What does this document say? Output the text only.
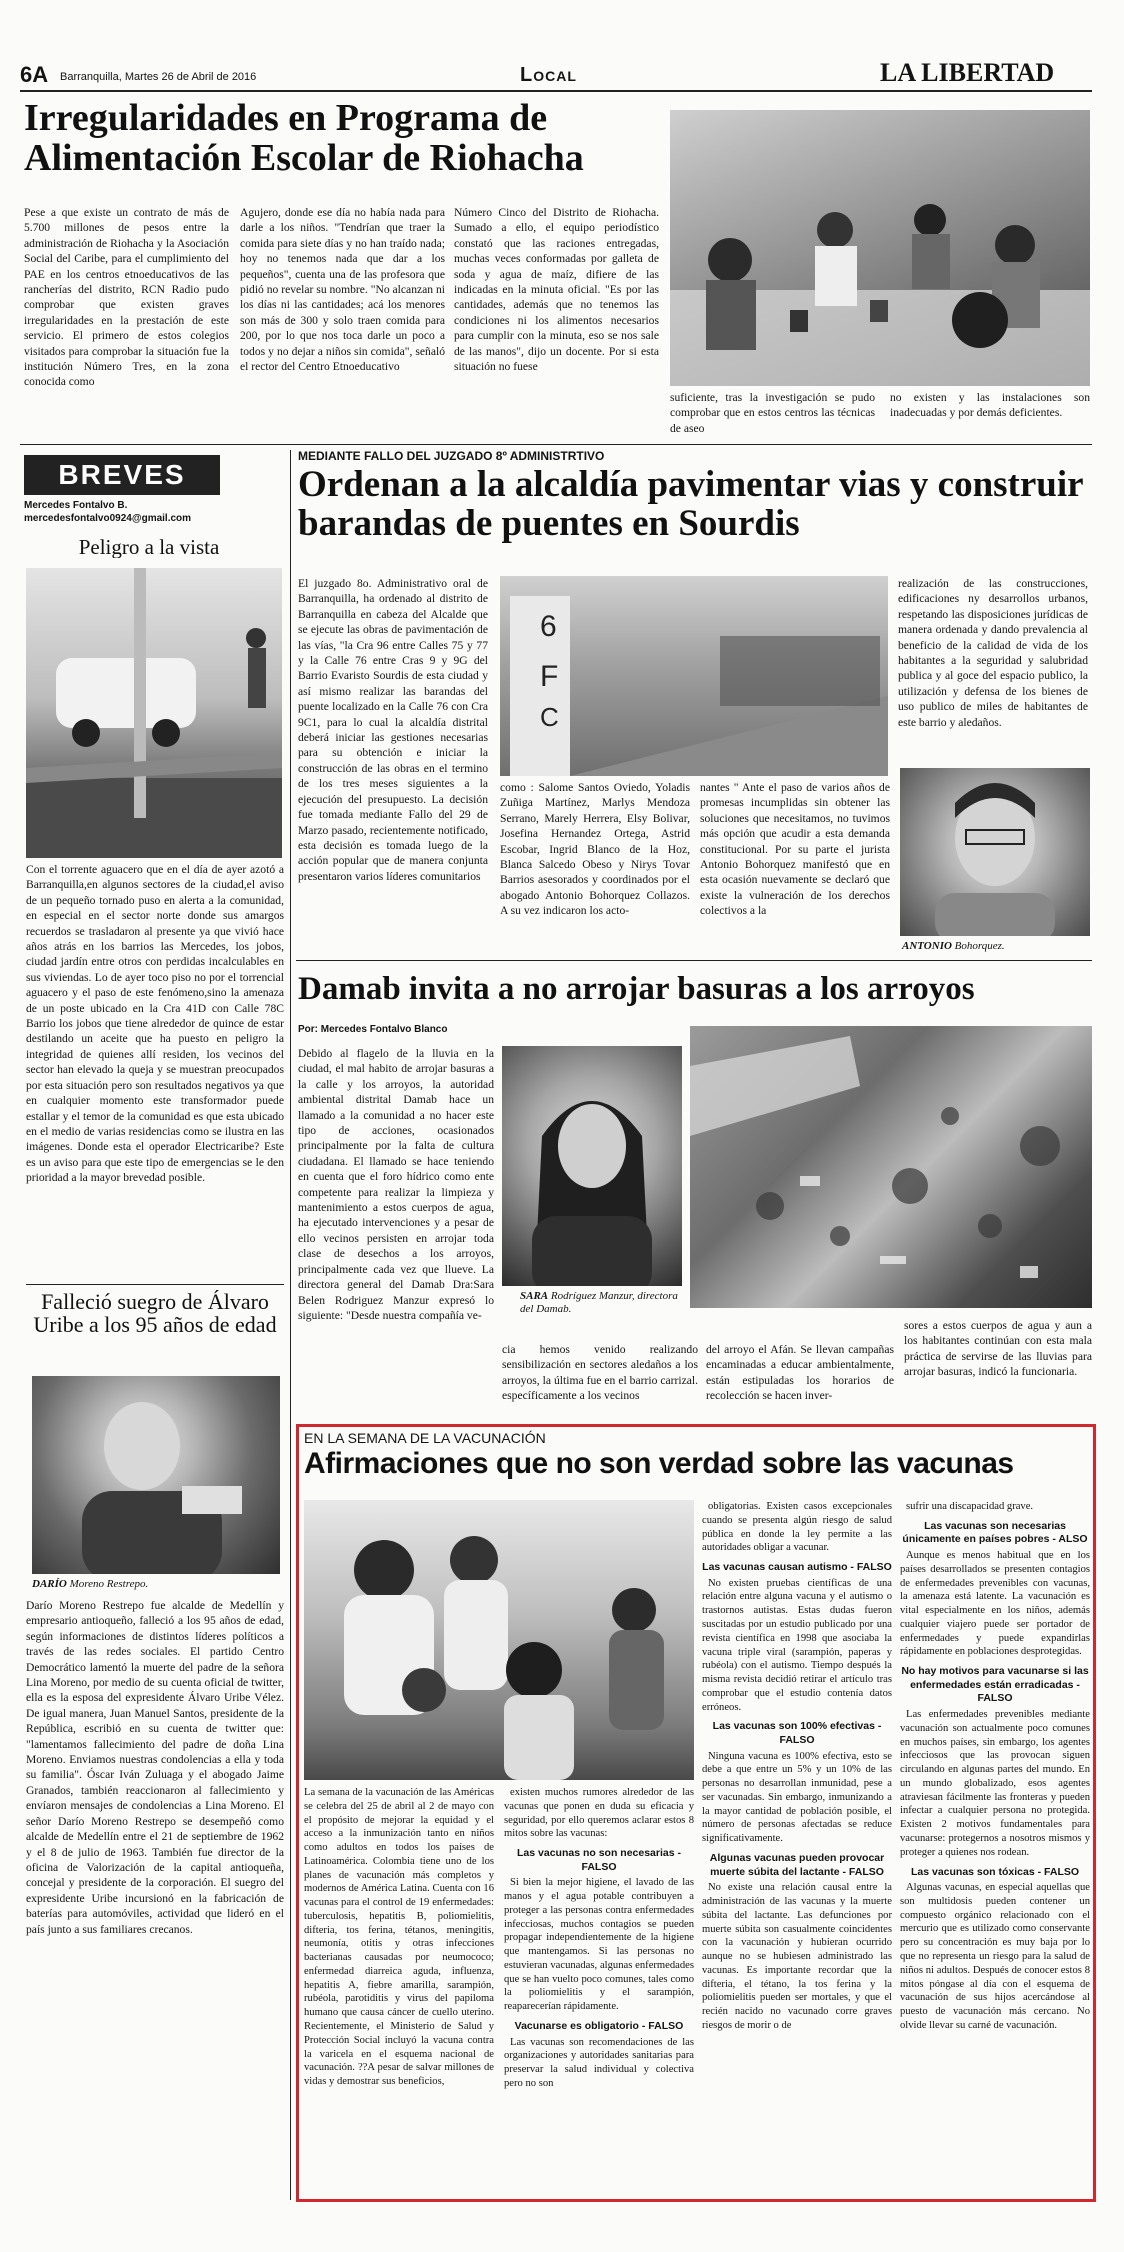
6A Barranquilla, Martes 26 de Abril de 2016	Local	LA LIBERTAD
Irregularidades en Programa de Alimentación Escolar de Riohacha
Pese a que existe un contrato de más de 5.700 millones de pesos entre la administración de Riohacha y la Asociación Social del Caribe, para el cumplimiento del PAE en los centros etnoeducativos de las rancherías del distrito, RCN Radio pudo comprobar que existen graves irregularidades en la prestación de este servicio. El primero de estos colegios visitados para comprobar la situación fue la institución Número Tres, en la zona conocida como
Agujero, donde ese día no había nada para darle a los niños. "Tendrían que traer la comida para siete días y no han traído nada; hoy no tenemos nada que dar a los pequeños", cuenta una de las profesora que pidió no revelar su nombre. "No alcanzan ni los días ni las cantidades; acá los menores son más de 300 y solo traen comida para 200, por lo que nos toca darle un poco a todos y no dejar a niños sin comida", señaló el rector del Centro Etnoeducativo
Número Cinco del Distrito de Riohacha. Sumado a ello, el equipo periodístico constató que las raciones entregadas, muchas veces conformadas por galleta de soda y agua de maíz, difiere de las indicadas en la minuta oficial. "Es por las cantidades, además que no tenemos las condiciones ni los alimentos necesarios para cumplir con la minuta, eso se nos sale de las manos", dijo un docente. Por si esta situación no fuese
suficiente, tras la investigación se pudo comprobar que en estos centros las técnicas de aseo
no existen y las instalaciones son inadecuadas y por demás deficientes.
BREVES
Mercedes Fontalvo B.
mercedesfontalvo0924@gmail.com
Peligro a la vista
Con el torrente aguacero que en el día de ayer azotó a Barranquilla,en algunos sectores de la ciudad,el aviso de un pequeño tornado puso en alerta a la comunidad, en especial en el sector norte donde sus amargos recuerdos se trasladaron al presente ya que vivió hace años atrás en los barrios las Mercedes, los jobos, ciudad jardín entre otros con perdidas incalculables en sus viviendas. Lo de ayer toco piso no por el torrencial aguacero y el paso de este fenómeno,sino la amenaza de un poste ubicado en la Cra 41D con Calle 78C Barrio los jobos que tiene alrededor de quince de estar destilando un aceite que ha puesto en peligro la integridad de quienes allí residen, los vecinos del sector han elevado la queja y se muestran preocupados por esta situación pero son resultados negativos ya que en cualquier momento este transformador puede estallar y el temor de la comunidad es que esta ubicado en el medio de varias residencias como se ilustra en las imágenes. Donde esta el operador Electricaribe? Este es un aviso para que este tipo de emergencias se le den prioridad a la mayor brevedad posible.
Falleció suegro de Álvaro Uribe a los 95 años de edad
DARÍO Moreno Restrepo.
Darío Moreno Restrepo fue alcalde de Medellín y empresario antioqueño, falleció a los 95 años de edad, según informaciones de distintos líderes políticos a través de las redes sociales. El partido Centro Democrático lamentó la muerte del padre de la señora Lina Moreno, por medio de su cuenta oficial de twitter, ella es la esposa del expresidente Álvaro Uribe Vélez. De igual manera, Juan Manuel Santos, presidente de la República, escribió en su cuenta de twitter que: "lamentamos fallecimiento del padre de doña Lina Moreno. Enviamos nuestras condolencias a ella y toda su familia". Óscar Iván Zuluaga y el abogado Jaime Granados, también reaccionaron al fallecimiento y envíaron mensajes de condolencias a Lina Moreno. El señor Darío Moreno Restrepo se desempeñó como alcalde de Medellín entre el 21 de septiembre de 1962 y el 8 de julio de 1963. También fue director de la oficina de Valorización de la capital antioqueña, concejal y presidente de la corporación. El suegro del expresidente Uribe incursionó en la fabricación de baterías para automóviles, actividad que lideró en el país junto a sus familiares crecanos.
MEDIANTE FALLO DEL JUZGADO 8º ADMINISTRTIVO
Ordenan a la alcaldía pavimentar vias y construir barandas de puentes en Sourdis
El juzgado 8o. Administrativo oral de Barranquilla, ha ordenado al distrito de Barranquilla en cabeza del Alcalde que se ejecute las obras de pavimentación de las vías, "la Cra 96 entre Calles 75 y 77 y la Calle 76 entre Cras 9 y 9G del Barrio Evaristo Sourdis de esta ciudad y así mismo realizar las barandas del puente localizado en la Calle 76 con Cra 9C1, para lo cual la alcaldía distrital deberá iniciar las gestiones necesarias para su obtención e iniciar la construcción de las obras en el termino de los tres meses siguientes a la ejecución del presupuesto. La decisión fue tomada mediante Fallo del 29 de Marzo pasado, recientemente notificado, esta decisión es tomada luego de la acción popular que de manera conjunta presentaron varios líderes comunitarios
6
F
C
como : Salome Santos Oviedo, Yoladis Zuñiga Martínez, Marlys Mendoza Serrano, Marely Herrera, Elsy Bolivar, Josefina Hernandez Ortega, Astrid Escobar, Ingrid Blanco de la Hoz, Blanca Salcedo Obeso y Nirys Tovar Barrios asesorados y coordinados por el abogado Antonio Bohorquez Collazos. A su vez indicaron los acto-
nantes " Ante el paso de varios años de promesas incumplidas sin obtener las soluciones que necesitamos, no tuvimos más opción que acudir a esta demanda constitucional. Por su parte el jurista Antonio Bohorquez manifestó que en esta ocasión nuevamente se declaró que existe la vulneración de los derechos colectivos a la
realización de las construcciones, edificaciones ny desarrollos urbanos, respetando las disposiciones jurídicas de manera ordenada y dando prevalencia al beneficio de la calidad de vida de los habitantes a la seguridad y salubridad publica y al goce del espacio publico, la utilización y defensa de los bienes de uso publico de miles de habitantes de este barrio y aledaños.
ANTONIO Bohorquez.
Damab invita a no arrojar basuras a los arroyos
Por: Mercedes Fontalvo Blanco
Debido al flagelo de la lluvia en la ciudad, el mal habito de arrojar basuras a la calle y los arroyos, la autoridad ambiental distrital Damab hace un llamado a la comunidad a no hacer este tipo de acciones, ocasionados principalmente por la falta de cultura ciudadana. El llamado se hace teniendo en cuenta que el foro hídrico como ente competente para realizar la limpieza y mantenimiento a estos cuerpos de agua, ha ejecutado intervenciones y a pesar de ello vecinos persisten en arrojar toda clase de desechos a los arroyos, principalmente cada vez que llueve. La directora general del Damab Dra:Sara Belen Rodriguez Manzur expresó lo siguiente: "Desde nuestra compañía ve-
SARA Rodríguez Manzur, directora del Damab.
cia hemos venido realizando sensibilización en sectores aledaños a los arroyos, la última fue en el barrio carrizal. específicamente a los vecinos
del arroyo el Afán. Se llevan campañas encaminadas a educar ambientalmente, están estipuladas los horarios de recolección se hacen inver-
sores a estos cuerpos de agua y aun a los habitantes continúan con esta mala práctica de servirse de las lluvias para arrojar basuras, indicó la funcionaria.
EN LA SEMANA DE LA VACUNACIÓN
Afirmaciones que no son verdad sobre las vacunas
La semana de la vacunación de las Américas se celebra del 25 de abril al 2 de mayo con el propósito de mejorar la equidad y el acceso a la inmunización tanto en niños como adultos en todos los países de Latinoamérica. Colombia tiene uno de los planes de vacunación más completos y modernos de América Latina. Cuenta con 16 vacunas para el control de 19 enfermedades: tuberculosis, hepatitis B, poliomielitis, difteria, tos ferina, tétanos, meningitis, neumonía, otitis y otras infecciones bacterianas causadas por neumococo; enfermedad diarreica aguda, influenza, hepatitis A, fiebre amarilla, sarampión, rubéola, parotiditis y virus del papiloma humano que causa cáncer de cuello uterino. Recientemente, el Ministerio de Salud y Protección Social incluyó la vacuna contra la varicela en el esquema nacional de vacunación. ??A pesar de salvar millones de vidas y demostrar sus beneficios,

existen muchos rumores alrededor de las vacunas que ponen en duda su eficacia y seguridad, por ello queremos aclarar estos 8 mitos sobre las vacunas:

Las vacunas no son necesarias - FALSO

Si bien la mejor higiene, el lavado de las manos y el agua potable contribuyen a proteger a las personas contra enfermedades infecciosas, muchos contagios se pueden propagar independientemente de la higiene que mantengamos. Si las personas no estuvieran vacunadas, algunas enfermedades que se han vuelto poco comunes, tales como la poliomielitis y el sarampión, reaparecerían rápidamente.

Vacunarse es obligatorio - FALSO

Las vacunas son recomendaciones de las organizaciones y autoridades sanitarias para preservar la salud individual y colectiva pero no son

obligatorias. Existen casos excepcionales cuando se presenta algún riesgo de salud pública en donde la ley permite a las autoridades obligar a vacunar.

Las vacunas causan autismo - FALSO

No existen pruebas científicas de una relación entre alguna vacuna y el autismo o trastornos autistas. Estas dudas fueron suscitadas por un estudio publicado por una revista científica en 1998 que asociaba la vacuna triple viral (sarampión, paperas y rubéola) con el autismo. Tiempo después la misma revista decidió retirar el artículo tras comprobar que el estudio contenía datos erróneos.

Las vacunas son 100% efectivas - FALSO

Ninguna vacuna es 100% efectiva, esto se debe a que entre un 5% y un 10% de las personas no desarrollan inmunidad, pese a ser vacunadas. Sin embargo, inmunizando a la mayor cantidad de población posible, el número de personas afectadas se reduce significativamente.

Algunas vacunas pueden provocar muerte súbita del lactante - FALSO

No existe una relación causal entre la administración de las vacunas y la muerte súbita del lactante. Las defunciones por muerte súbita son casualmente coincidentes con la vacunación y hubieran ocurrido aunque no se hubiesen administrado las vacunas. Es importante recordar que la difteria, el tétano, la tos ferina y la poliomielitis pueden ser mortales, y que el recién nacido no vacunado corre graves riesgos de morir o de

sufrir una discapacidad grave.

Las vacunas son necesarias únicamente en países pobres - ALSO

Aunque es menos habitual que en los países desarrollados se presenten contagios de enfermedades prevenibles con vacunas, la amenaza está latente. La vacunación es vital especialmente en los niños, además cualquier viajero puede ser portador de enfermedades y puede expandirlas rápidamente en poblaciones desprotegidas.

No hay motivos para vacunarse si las enfermedades están erradicadas - FALSO

Las enfermedades prevenibles mediante vacunación son actualmente poco comunes en muchos países, sin embargo, los agentes infecciosos que las provocan siguen circulando en algunas partes del mundo. En un mundo globalizado, esos agentes atraviesan fácilmente las fronteras y pueden infectar a cualquier persona no protegida. Existen 2 motivos fundamentales para vacunarse: protegernos a nosotros mismos y proteger a quienes nos rodean.

Las vacunas son tóxicas - FALSO

Algunas vacunas, en especial aquellas que son multidosis pueden contener un compuesto orgánico relacionado con el mercurio que es utilizado como conservante pero su concentración es muy baja por lo que no representa un riesgo para la salud de niños ni adultos. Después de conocer estos 8 mitos póngase al día con el esquema de vacunación de sus hijos acercándose al puesto de vacunación más cercano. No olvide llevar su carné de vacunación.
